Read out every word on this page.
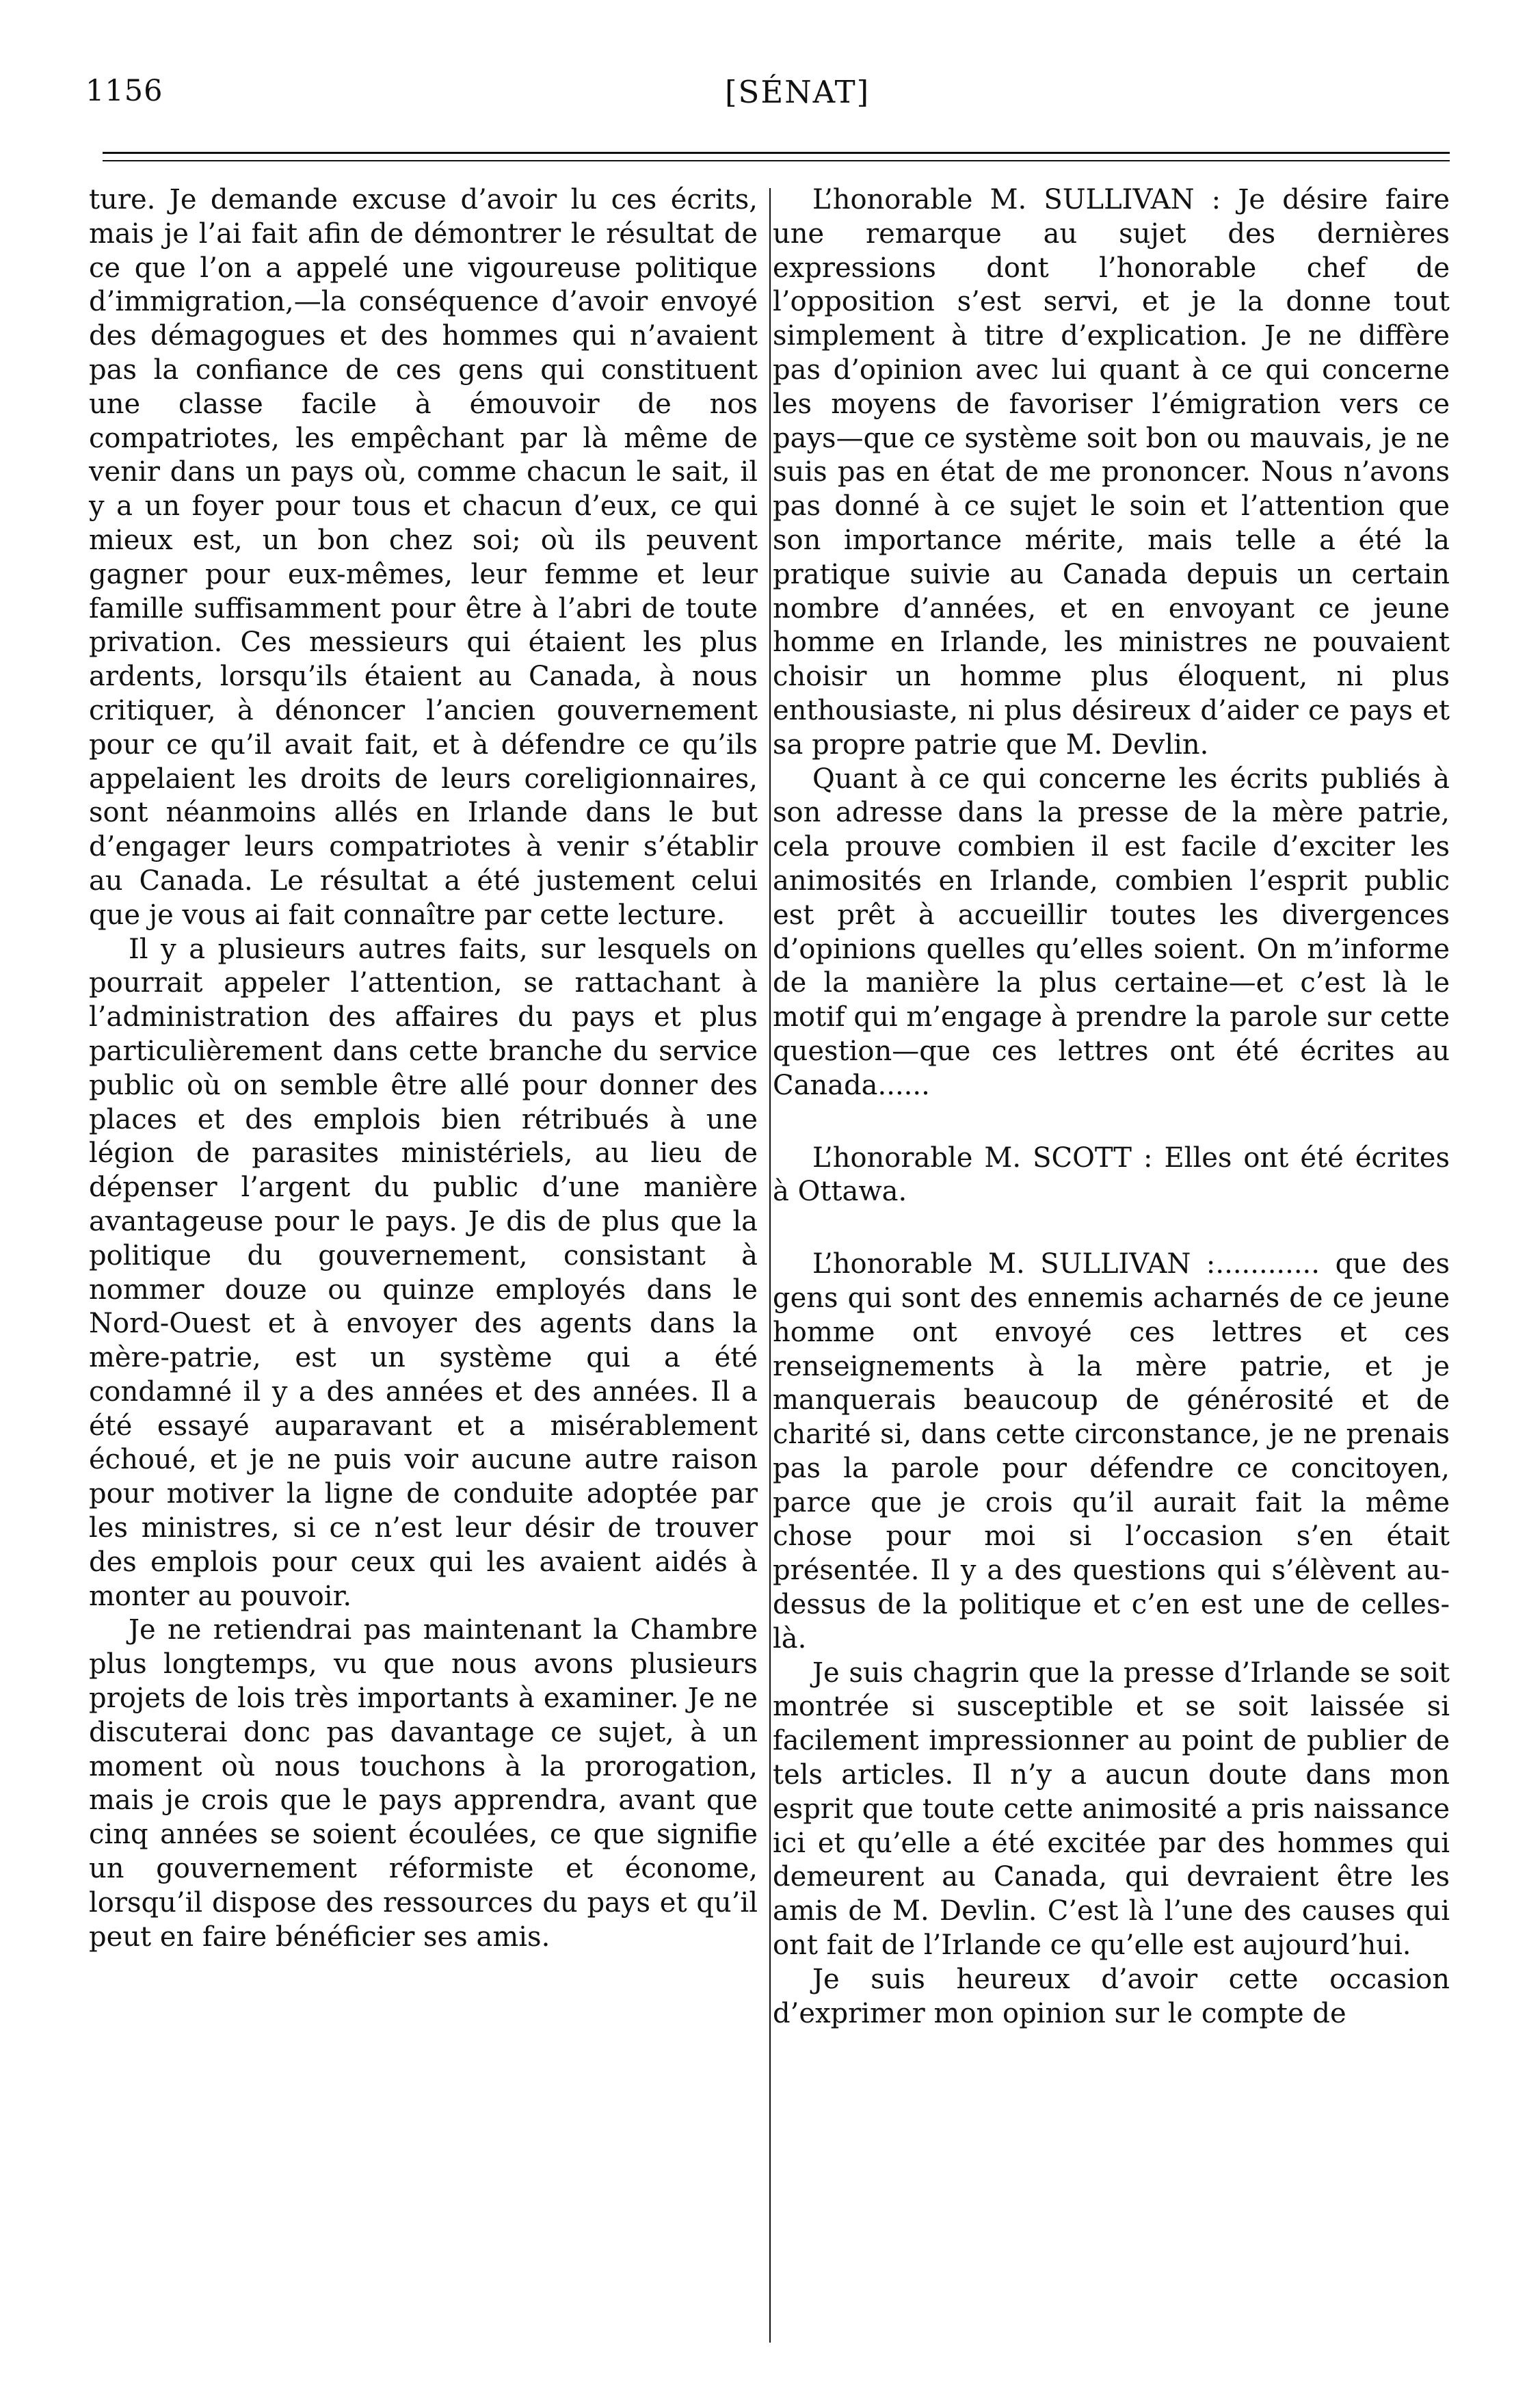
1156	[SÉNAT]

ture. Je demande excuse d’avoir lu ces écrits, mais je l’ai fait afin de démontrer le résultat de ce que l’on a appelé une vigoureuse politique d’immigration,—la conséquence d’avoir envoyé des démagogues et des hommes qui n’avaient pas la confiance de ces gens qui constituent une classe facile à émouvoir de nos compatriotes, les empêchant par là même de venir dans un pays où, comme chacun le sait, il y a un foyer pour tous et chacun d’eux, ce qui mieux est, un bon chez soi; où ils peuvent gagner pour eux-mêmes, leur femme et leur famille suffisamment pour être à l’abri de toute privation. Ces messieurs qui étaient les plus ardents, lorsqu’ils étaient au Canada, à nous critiquer, à dénoncer l’ancien gouvernement pour ce qu’il avait fait, et à défendre ce qu’ils appelaient les droits de leurs coreligionnaires, sont néanmoins allés en Irlande dans le but d’engager leurs compatriotes à venir s’établir au Canada. Le résultat a été justement celui que je vous ai fait connaître par cette lecture.

Il y a plusieurs autres faits, sur lesquels on pourrait appeler l’attention, se rattachant à l’administration des affaires du pays et plus particulièrement dans cette branche du service public où on semble être allé pour donner des places et des emplois bien rétribués à une légion de parasites ministériels, au lieu de dépenser l’argent du public d’une manière avantageuse pour le pays. Je dis de plus que la politique du gouvernement, consistant à nommer douze ou quinze employés dans le Nord-Ouest et à envoyer des agents dans la mère-patrie, est un système qui a été condamné il y a des années et des années. Il a été essayé auparavant et a misérablement échoué, et je ne puis voir aucune autre raison pour motiver la ligne de conduite adoptée par les ministres, si ce n’est leur désir de trouver des emplois pour ceux qui les avaient aidés à monter au pouvoir.

Je ne retiendrai pas maintenant la Chambre plus longtemps, vu que nous avons plusieurs projets de lois très importants à examiner. Je ne discuterai donc pas davantage ce sujet, à un moment où nous touchons à la prorogation, mais je crois que le pays apprendra, avant que cinq années se soient écoulées, ce que signifie un gouvernement réformiste et économe, lorsqu’il dispose des ressources du pays et qu’il peut en faire bénéficier ses amis.

L’honorable M. SULLIVAN : Je désire faire une remarque au sujet des dernières expressions dont l’honorable chef de l’opposition s’est servi, et je la donne tout simplement à titre d’explication. Je ne diffère pas d’opinion avec lui quant à ce qui concerne les moyens de favoriser l’émigration vers ce pays—que ce système soit bon ou mauvais, je ne suis pas en état de me prononcer. Nous n’avons pas donné à ce sujet le soin et l’attention que son importance mérite, mais telle a été la pratique suivie au Canada depuis un certain nombre d’années, et en envoyant ce jeune homme en Irlande, les ministres ne pouvaient choisir un homme plus éloquent, ni plus enthousiaste, ni plus désireux d’aider ce pays et sa propre patrie que M. Devlin.

Quant à ce qui concerne les écrits publiés à son adresse dans la presse de la mère patrie, cela prouve combien il est facile d’exciter les animosités en Irlande, combien l’esprit public est prêt à accueillir toutes les divergences d’opinions quelles qu’elles soient. On m’informe de la manière la plus certaine—et c’est là le motif qui m’engage à prendre la parole sur cette question—que ces lettres ont été écrites au Canada......

L’honorable M. SCOTT : Elles ont été écrites à Ottawa.

L’honorable M. SULLIVAN :............ que des gens qui sont des ennemis acharnés de ce jeune homme ont envoyé ces lettres et ces renseignements à la mère patrie, et je manquerais beaucoup de générosité et de charité si, dans cette circonstance, je ne prenais pas la parole pour défendre ce concitoyen, parce que je crois qu’il aurait fait la même chose pour moi si l’occasion s’en était présentée. Il y a des questions qui s’élèvent au-dessus de la politique et c’en est une de celles-là.

Je suis chagrin que la presse d’Irlande se soit montrée si susceptible et se soit laissée si facilement impressionner au point de publier de tels articles. Il n’y a aucun doute dans mon esprit que toute cette animosité a pris naissance ici et qu’elle a été excitée par des hommes qui demeurent au Canada, qui devraient être les amis de M. Devlin. C’est là l’une des causes qui ont fait de l’Irlande ce qu’elle est aujourd’hui.

Je suis heureux d’avoir cette occasion d’exprimer mon opinion sur le compte de
